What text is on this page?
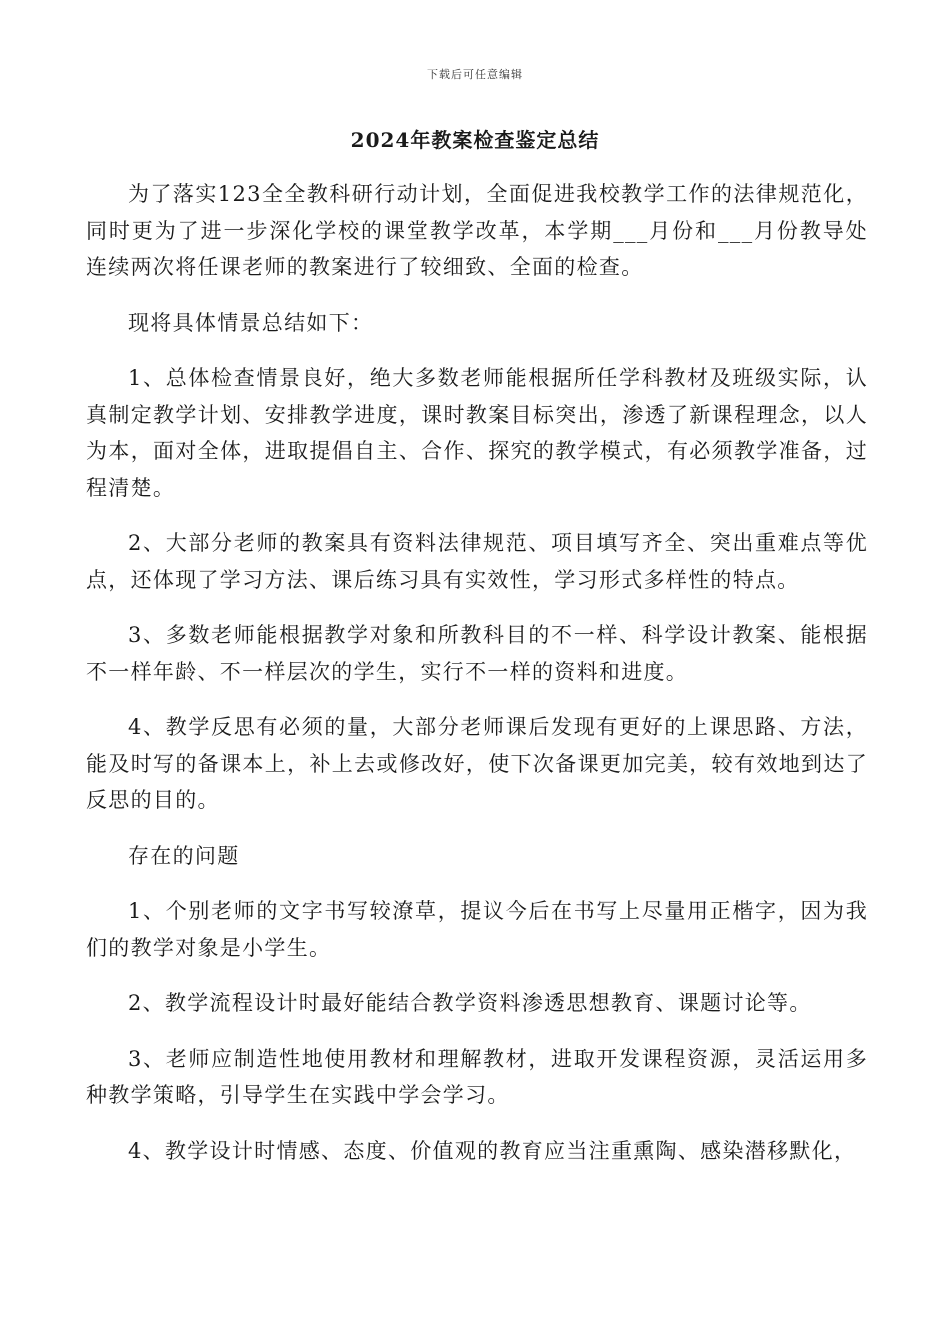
下载后可任意编辑
2024年教案检查鉴定总结

为了落实123全全教科研行动计划，全面促进我校教学工作的法律规范化，同时更为了进一步深化学校的课堂教学改革，本学期___月份和___月份教导处连续两次将任课老师的教案进行了较细致、全面的检查。

现将具体情景总结如下：

1、总体检查情景良好，绝大多数老师能根据所任学科教材及班级实际，认真制定教学计划、安排教学进度，课时教案目标突出，渗透了新课程理念，以人为本，面对全体，进取提倡自主、合作、探究的教学模式，有必须教学准备，过程清楚。

2、大部分老师的教案具有资料法律规范、项目填写齐全、突出重难点等优点，还体现了学习方法、课后练习具有实效性，学习形式多样性的特点。

3、多数老师能根据教学对象和所教科目的不一样、科学设计教案、能根据不一样年龄、不一样层次的学生，实行不一样的资料和进度。

4、教学反思有必须的量，大部分老师课后发现有更好的上课思路、方法，能及时写的备课本上，补上去或修改好，使下次备课更加完美，较有效地到达了反思的目的。

存在的问题

1、个别老师的文字书写较潦草，提议今后在书写上尽量用正楷字，因为我们的教学对象是小学生。

2、教学流程设计时最好能结合教学资料渗透思想教育、课题讨论等。

3、老师应制造性地使用教材和理解教材，进取开发课程资源，灵活运用多种教学策略，引导学生在实践中学会学习。

4、教学设计时情感、态度、价值观的教育应当注重熏陶、感染潜移默化，
